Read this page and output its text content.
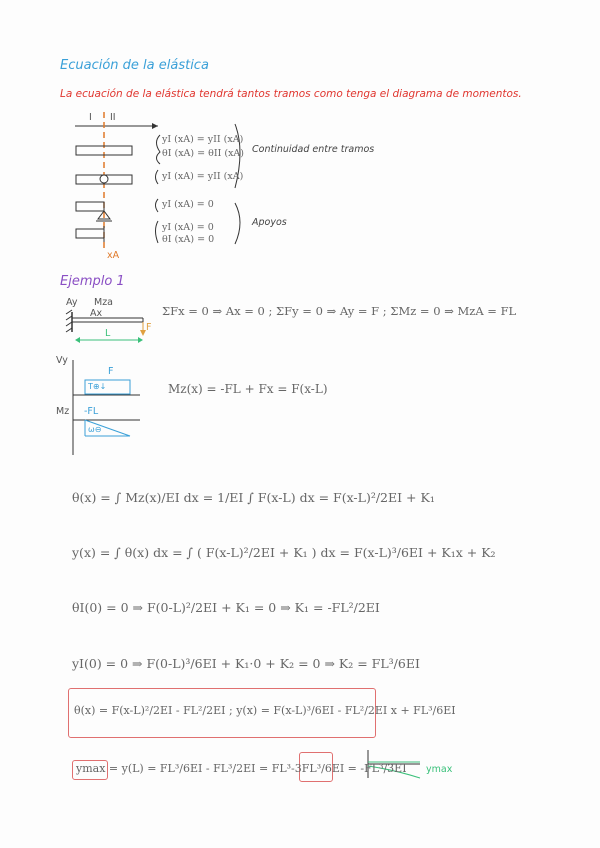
Ecuación de la elástica
La ecuación de la elástica tendrá tantos tramos como tenga el diagrama de momentos.
I II
yI (xA) = yII (xA)
θI (xA) = θII (xA)
yI (xA) = yII (xA)
Continuidad entre tramos
yI (xA) = 0
yI (xA) = 0
θI (xA) = 0
Apoyos
xA
Ejemplo 1
Ay Mza
Ax
L
F
ΣFx = 0 ⇒ Ax = 0 ; ΣFy = 0 ⇒ Ay = F ; ΣMz = 0 ⇒ MzA = FL
Vy
Mz
F
T⊕↓
-FL
ω⊖
Mz(x) = -FL + Fx = F(x-L)
θ(x) = ∫ Mz(x)/EI dx = 1/EI ∫ F(x-L) dx = F(x-L)²/2EI + K₁
y(x) = ∫ θ(x) dx = ∫ ( F(x-L)²/2EI + K₁ ) dx = F(x-L)³/6EI + K₁x + K₂
θI(0) = 0 ⇒ F(0-L)²/2EI + K₁ = 0 ⇒ K₁ = -FL²/2EI
yI(0) = 0 ⇒ F(0-L)³/6EI + K₁·0 + K₂ = 0 ⇒ K₂ = FL³/6EI
θ(x) = F(x-L)²/2EI - FL²/2EI ; y(x) = F(x-L)³/6EI - FL²/2EI x + FL³/6EI
ymax = y(L) = FL³/6EI - FL³/2EI = FL³-3FL³/6EI = -FL³/3EI ymax
